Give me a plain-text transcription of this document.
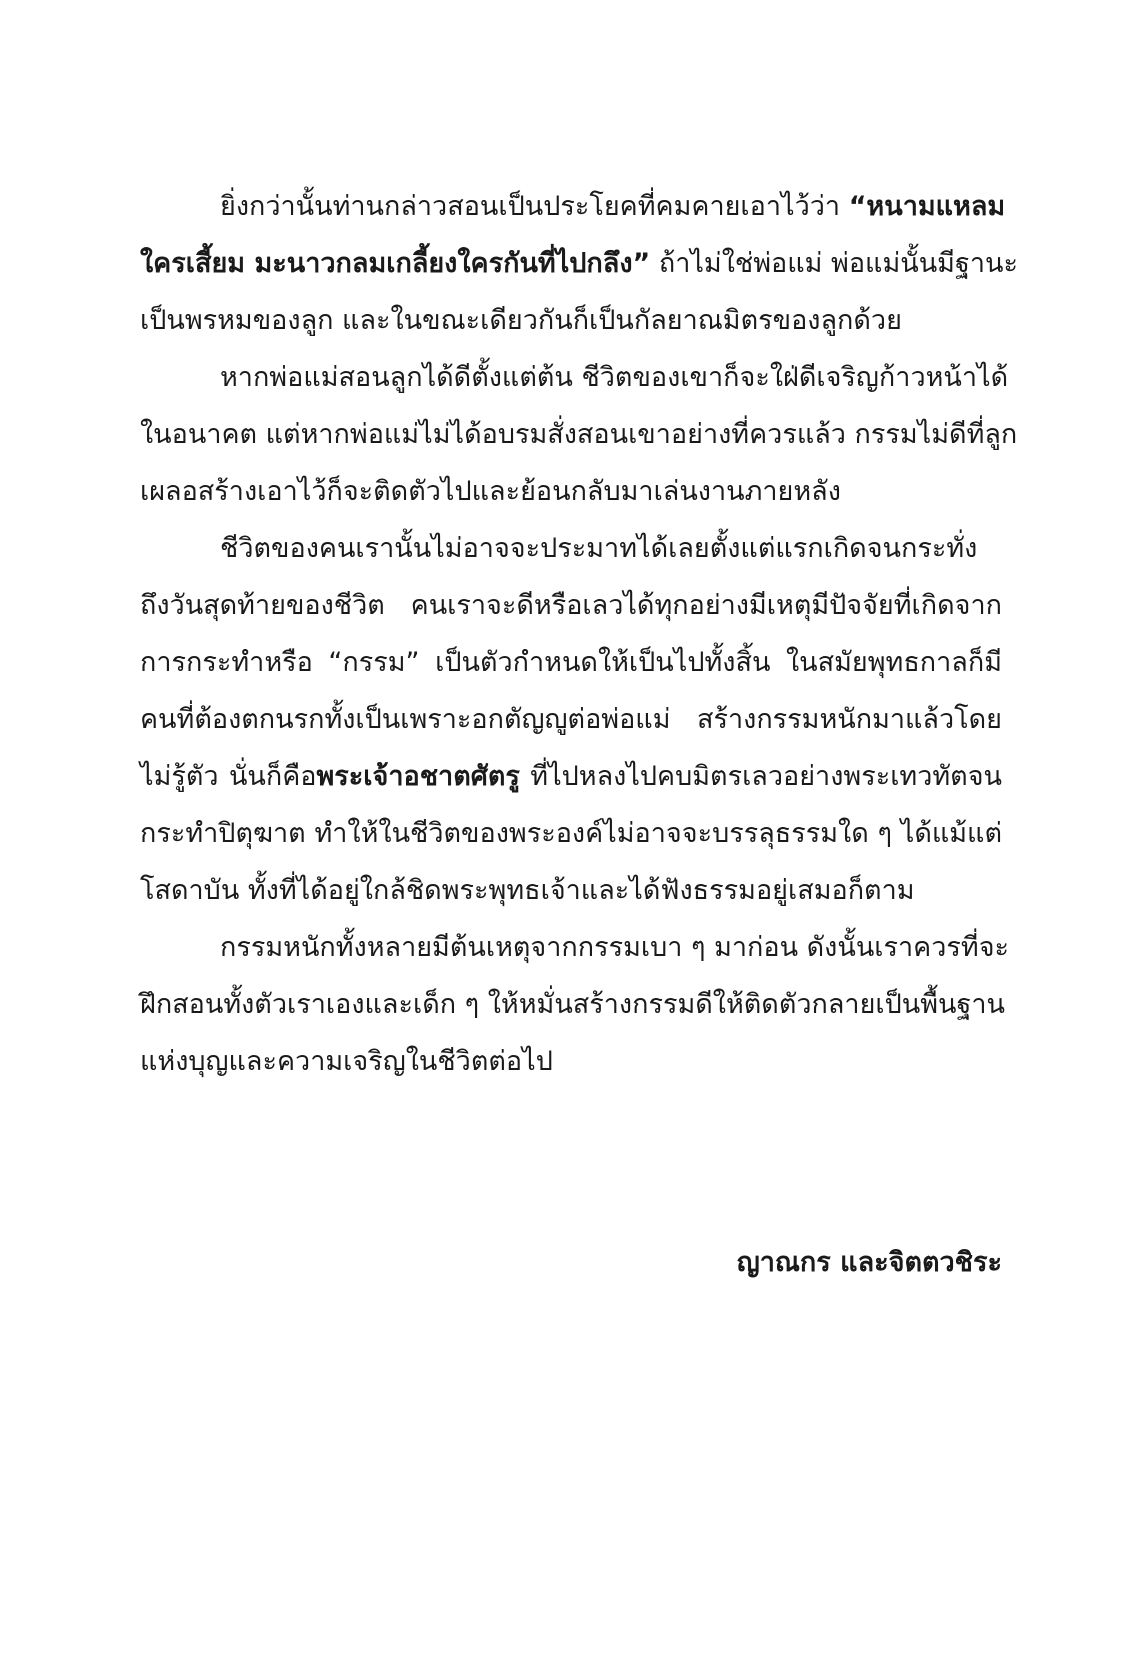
ยิ่งกว่านั้นท่านกล่าวสอนเป็นประโยคที่คมคายเอาไว้ว่า “หนามแหลม
ใครเสี้ยม มะนาวกลมเกลี้ยงใครกันที่ไปกลึง” ถ้าไม่ใช่พ่อแม่ พ่อแม่นั้นมีฐานะ
เป็นพรหมของลูก และในขณะเดียวกันก็เป็นกัลยาณมิตรของลูกด้วย
หากพ่อแม่สอนลูกได้ดีตั้งแต่ต้น ชีวิตของเขาก็จะใฝ่ดีเจริญก้าวหน้าได้
ในอนาคต แต่หากพ่อแม่ไม่ได้อบรมสั่งสอนเขาอย่างที่ควรแล้ว กรรมไม่ดีที่ลูก
เผลอสร้างเอาไว้ก็จะติดตัวไปและย้อนกลับมาเล่นงานภายหลัง
ชีวิตของคนเรานั้นไม่อาจจะประมาทได้เลยตั้งแต่แรกเกิดจนกระทั่ง
ถึงวันสุดท้ายของชีวิต คนเราจะดีหรือเลวได้ทุกอย่างมีเหตุมีปัจจัยที่เกิดจาก
การกระทำหรือ “กรรม” เป็นตัวกำหนดให้เป็นไปทั้งสิ้น ในสมัยพุทธกาลก็มี
คนที่ต้องตกนรกทั้งเป็นเพราะอกตัญญูต่อพ่อแม่ สร้างกรรมหนักมาแล้วโดย
ไม่รู้ตัว นั่นก็คือพระเจ้าอชาตศัตรู ที่ไปหลงไปคบมิตรเลวอย่างพระเทวทัตจน
กระทำปิตุฆาต ทำให้ในชีวิตของพระองค์ไม่อาจจะบรรลุธรรมใด ๆ ได้แม้แต่
โสดาบัน ทั้งที่ได้อยู่ใกล้ชิดพระพุทธเจ้าและได้ฟังธรรมอยู่เสมอก็ตาม
กรรมหนักทั้งหลายมีต้นเหตุจากกรรมเบา ๆ มาก่อน ดังนั้นเราควรที่จะ
ฝึกสอนทั้งตัวเราเองและเด็ก ๆ ให้หมั่นสร้างกรรมดีให้ติดตัวกลายเป็นพื้นฐาน
แห่งบุญและความเจริญในชีวิตต่อไป
ญาณกร และจิตตวชิระ
